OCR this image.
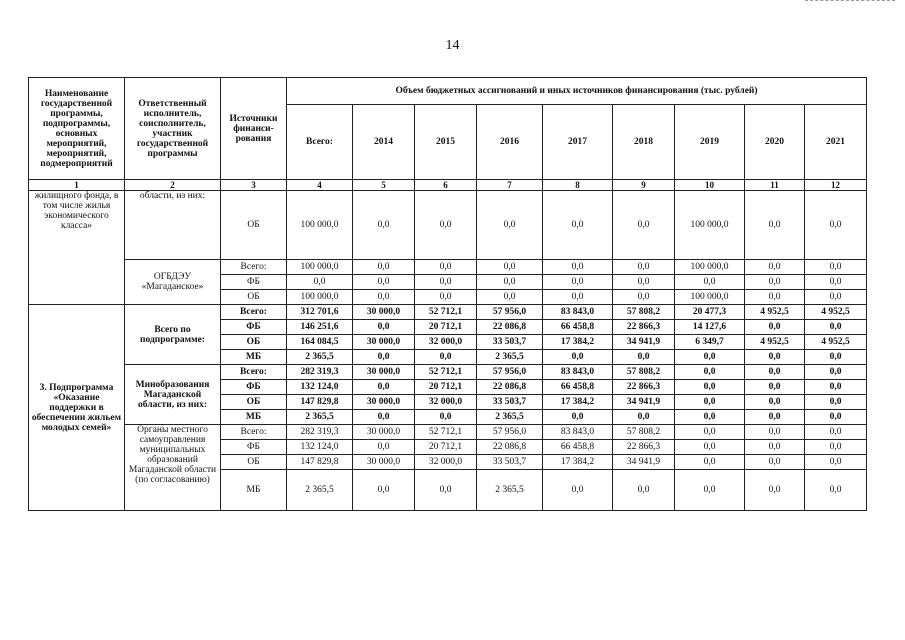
14
Наименование государственной программы, подпрограммы, основных мероприятий, мероприятий, подмероприятий	Ответственный исполнитель, соисполнитель, участник государственной программы	Источники финанси-рования	Объем бюджетных ассигнований и иных источников финансирования (тыс. рублей)								
			Всего:	2014	2015	2016	2017	2018	2019	2020	2021
1	2	3	4	5	6	7	8	9	10	11	12
жилищного фонда, в том числе жилья экономического класса»	области, из них:	ОБ	100 000,0	0,0	0,0	0,0	0,0	0,0	100 000,0	0,0	0,0
	ОГБДЭУ «Магаданское»	Всего:	100 000,0	0,0	0,0	0,0	0,0	0,0	100 000,0	0,0	0,0
		ФБ	0,0	0,0	0,0	0,0	0,0	0,0	0,0	0,0	0,0
		ОБ	100 000,0	0,0	0,0	0,0	0,0	0,0	100 000,0	0,0	0,0
3. Подпрограмма «Оказание поддержки в обеспечении жильем молодых семей»	Всего по подпрограмме:	Всего:	312 701,6	30 000,0	52 712,1	57 956,0	83 843,0	57 808,2	20 477,3	4 952,5	4 952,5
		ФБ	146 251,6	0,0	20 712,1	22 086,8	66 458,8	22 866,3	14 127,6	0,0	0,0
		ОБ	164 084,5	30 000,0	32 000,0	33 503,7	17 384,2	34 941,9	6 349,7	4 952,5	4 952,5
		МБ	2 365,5	0,0	0,0	2 365,5	0,0	0,0	0,0	0,0	0,0
	Минобразования Магаданской области, из них:	Всего:	282 319,3	30 000,0	52 712,1	57 956,0	83 843,0	57 808,2	0,0	0,0	0,0
		ФБ	132 124,0	0,0	20 712,1	22 086,8	66 458,8	22 866,3	0,0	0,0	0,0
		ОБ	147 829,8	30 000,0	32 000,0	33 503,7	17 384,2	34 941,9	0,0	0,0	0,0
		МБ	2 365,5	0,0	0,0	2 365,5	0,0	0,0	0,0	0,0	0,0
	Органы местного самоуправления муниципальных образований Магаданской области (по согласованию)	Всего:	282 319,3	30 000,0	52 712,1	57 956,0	83 843,0	57 808,2	0,0	0,0	0,0
		ФБ	132 124,0	0,0	20 712,1	22 086,8	66 458,8	22 866,3	0,0	0,0	0,0
		ОБ	147 829,8	30 000,0	32 000,0	33 503,7	17 384,2	34 941,9	0,0	0,0	0,0
		МБ	2 365,5	0,0	0,0	2 365,5	0,0	0,0	0,0	0,0	0,0
